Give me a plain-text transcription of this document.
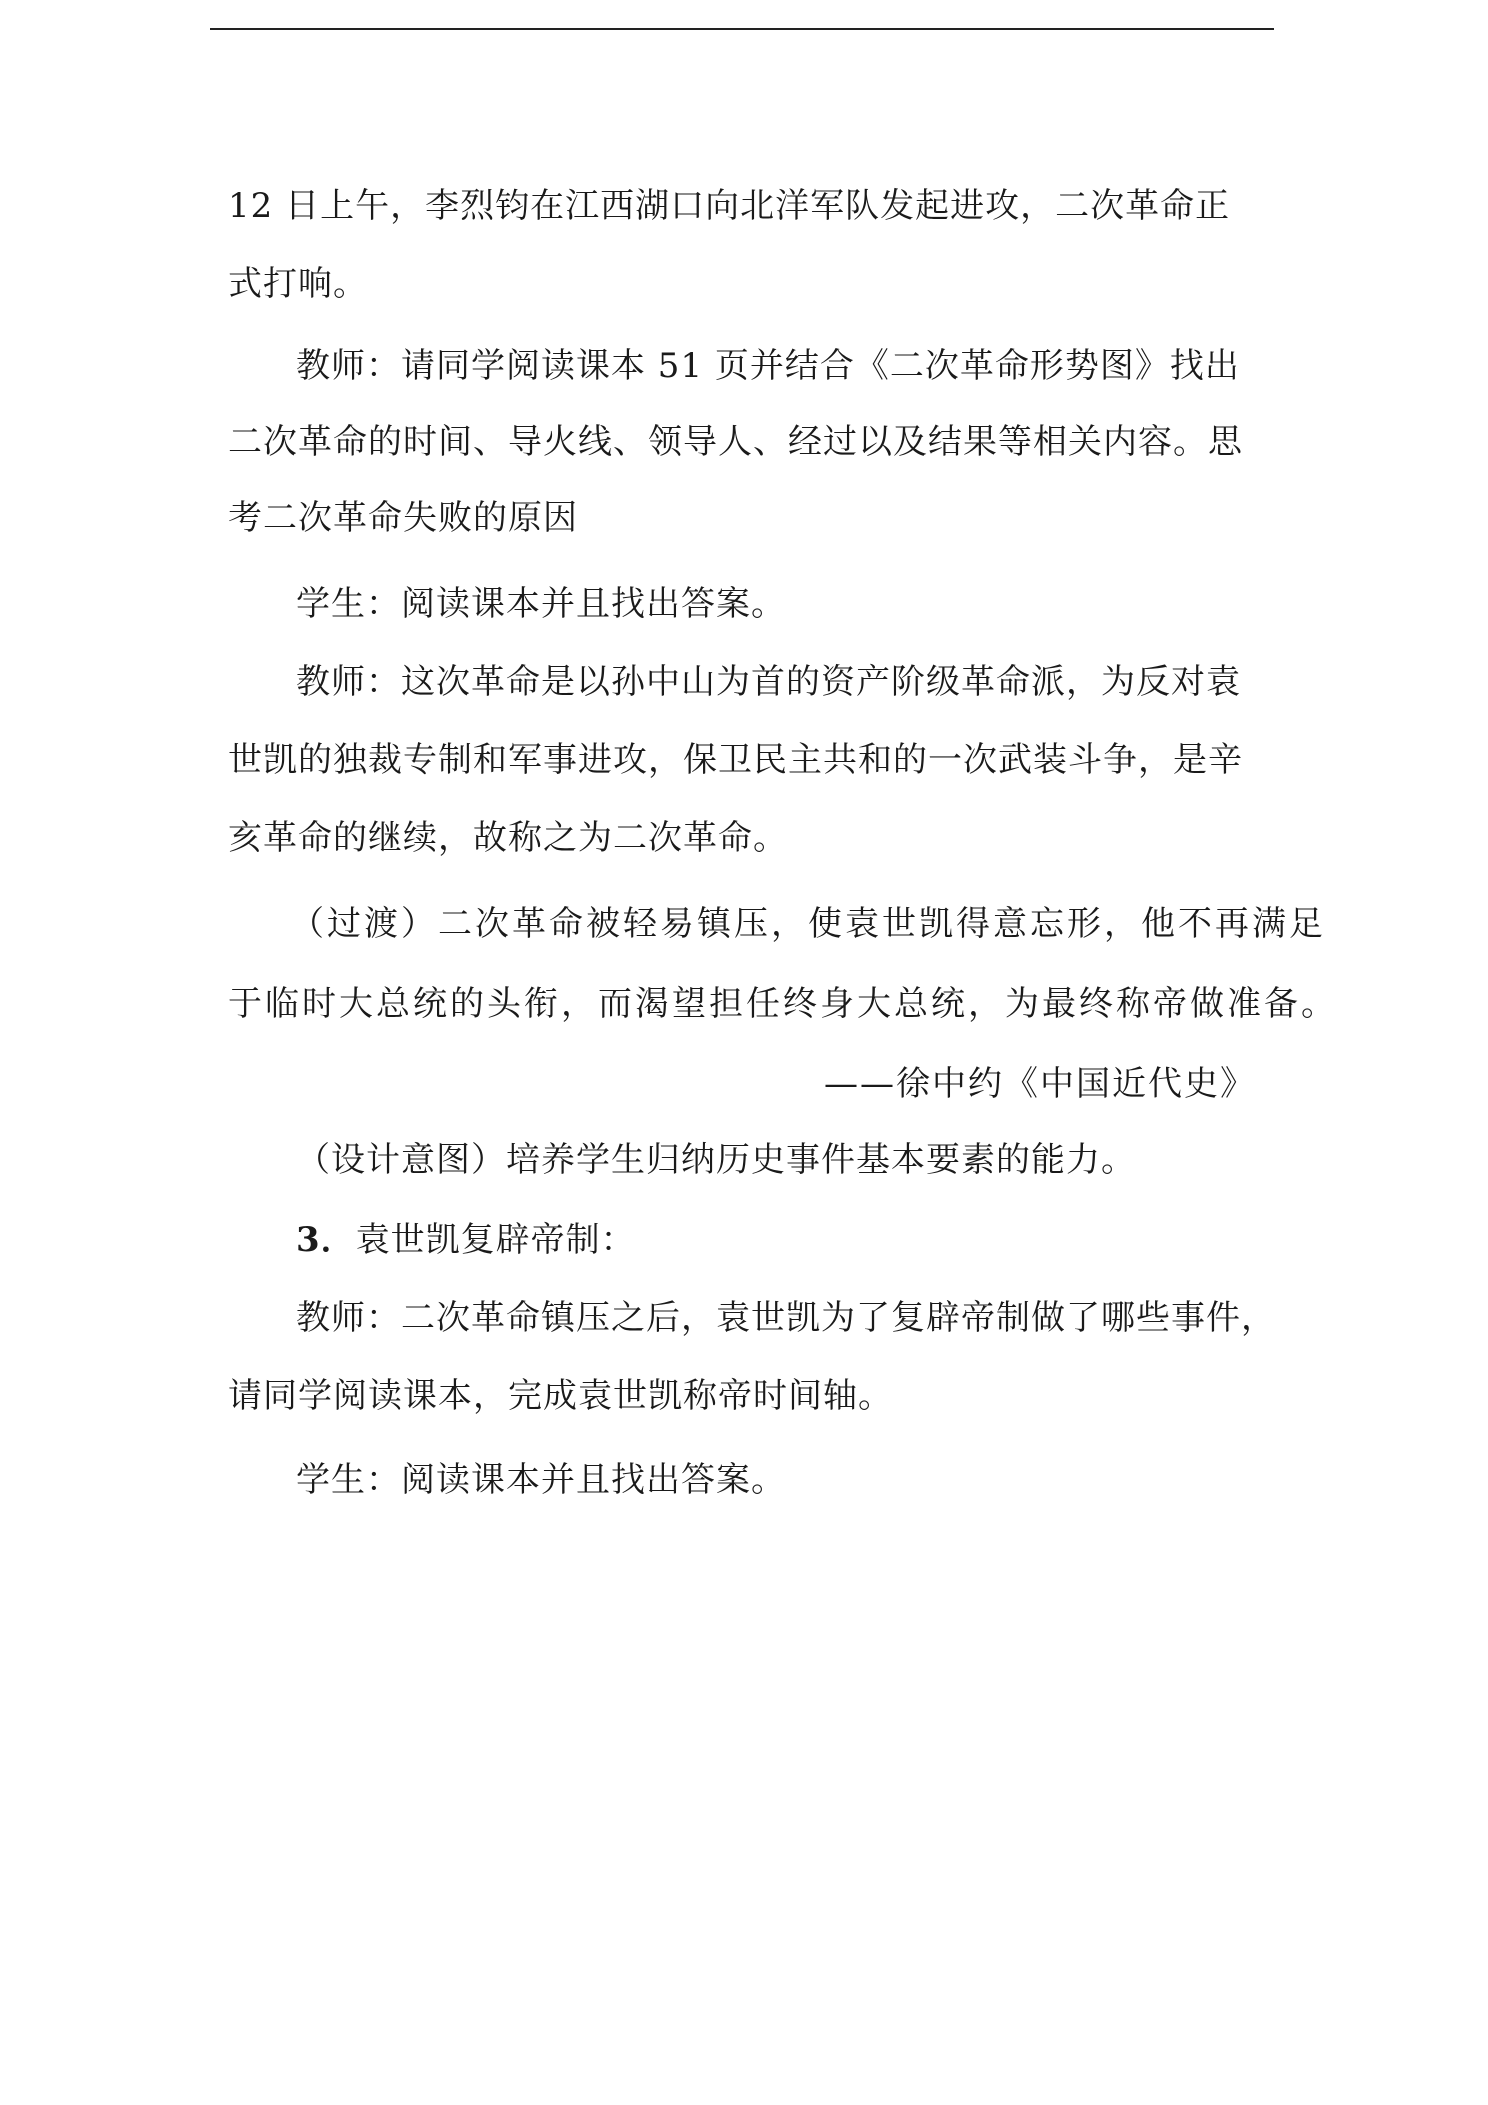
12 日上午，李烈钧在江西湖口向北洋军队发起进攻，二次革命正
式打响。
教师：请同学阅读课本 51 页并结合《二次革命形势图》找出
二次革命的时间、导火线、领导人、经过以及结果等相关内容。思
考二次革命失败的原因
学生：阅读课本并且找出答案。
教师：这次革命是以孙中山为首的资产阶级革命派，为反对袁
世凯的独裁专制和军事进攻，保卫民主共和的一次武装斗争，是辛
亥革命的继续，故称之为二次革命。
（过渡）二次革命被轻易镇压，使袁世凯得意忘形，他不再满足
于临时大总统的头衔，而渴望担任终身大总统，为最终称帝做准备。
——徐中约《中国近代史》
（设计意图）培养学生归纳历史事件基本要素的能力。
3．袁世凯复辟帝制：
教师：二次革命镇压之后，袁世凯为了复辟帝制做了哪些事件，
请同学阅读课本，完成袁世凯称帝时间轴。
学生：阅读课本并且找出答案。
